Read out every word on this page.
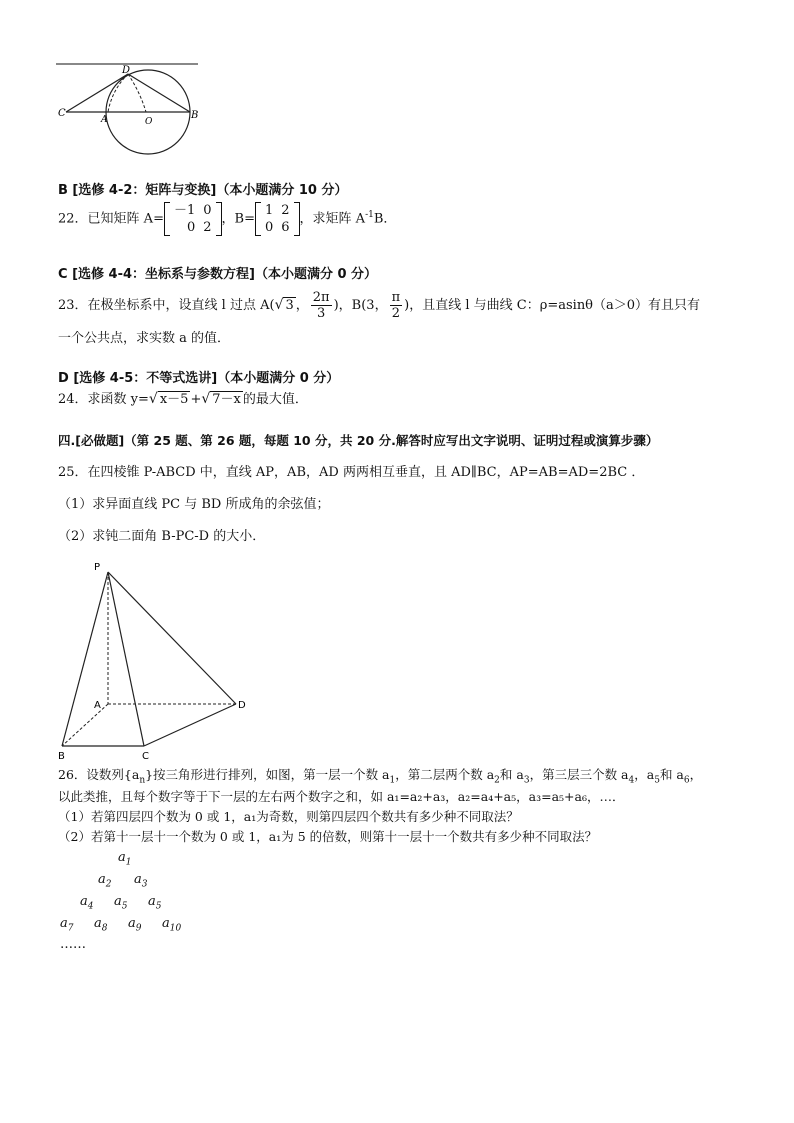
D
C
A	O
B
B [选修 4-2：矩阵与变换]（本小题满分 10 分）
22．已知矩阵 A=
－1	0
0	2
，B=
1	2
0	6
，求矩阵 $A^{-1}B$．
C [选修 4-4：坐标系与参数方程]（本小题满分 0 分）
23．在极坐标系中，设直线 l 过点 A(√ 3 ， $\frac{2\pi}{3}$ )，B(3， $\frac{\pi}{2}$ )，且直线 l 与曲线 C：ρ=asinθ（a＞0）有且只有
一个公共点，求实数 a 的值．
D [选修 4-5：不等式选讲]（本小题满分 0 分）
24．求函数 y=√ x－5 +√ 7－x 的最大值．
四.[必做题]（第 25 题、第 26 题，每题 10 分，共 20 分.解答时应写出文字说明、证明过程或演算步骤）
25．在四棱锥 P-ABCD 中，直线 AP，AB，AD 两两相互垂直，且 AD∥BC，AP=AB=AD=2BC ．
（1）求异面直线 PC 与 BD 所成角的余弦值；
（2）求钝二面角 B-PC-D 的大小．
P
A	D
B	C
26．设数列$\{a_n\}$按三角形进行排列，如图，第一层一个数 $a_1$，第二层两个数 $a_2$和 $a_3$，第三层三个数 $a_4$，$a_5$和 $a_6$，
以此类推，且每个数字等于下一层的左右两个数字之和，如 a₁=a₂+a₃，a₂=a₄+a₅，a₃=a₅+a₆，…．
（1）若第四层四个数为 0 或 1，a₁为奇数，则第四层四个数共有多少种不同取法？
（2）若第十一层十一个数为 0 或 1，a₁为 5 的倍数，则第十一层十一个数共有多少种不同取法？
$a_1$
$a_2$ $a_3$
$a_4$ $a_5$ $a_5$
$a_7$ $a_8$ $a_9$ $a_{10}$
……
